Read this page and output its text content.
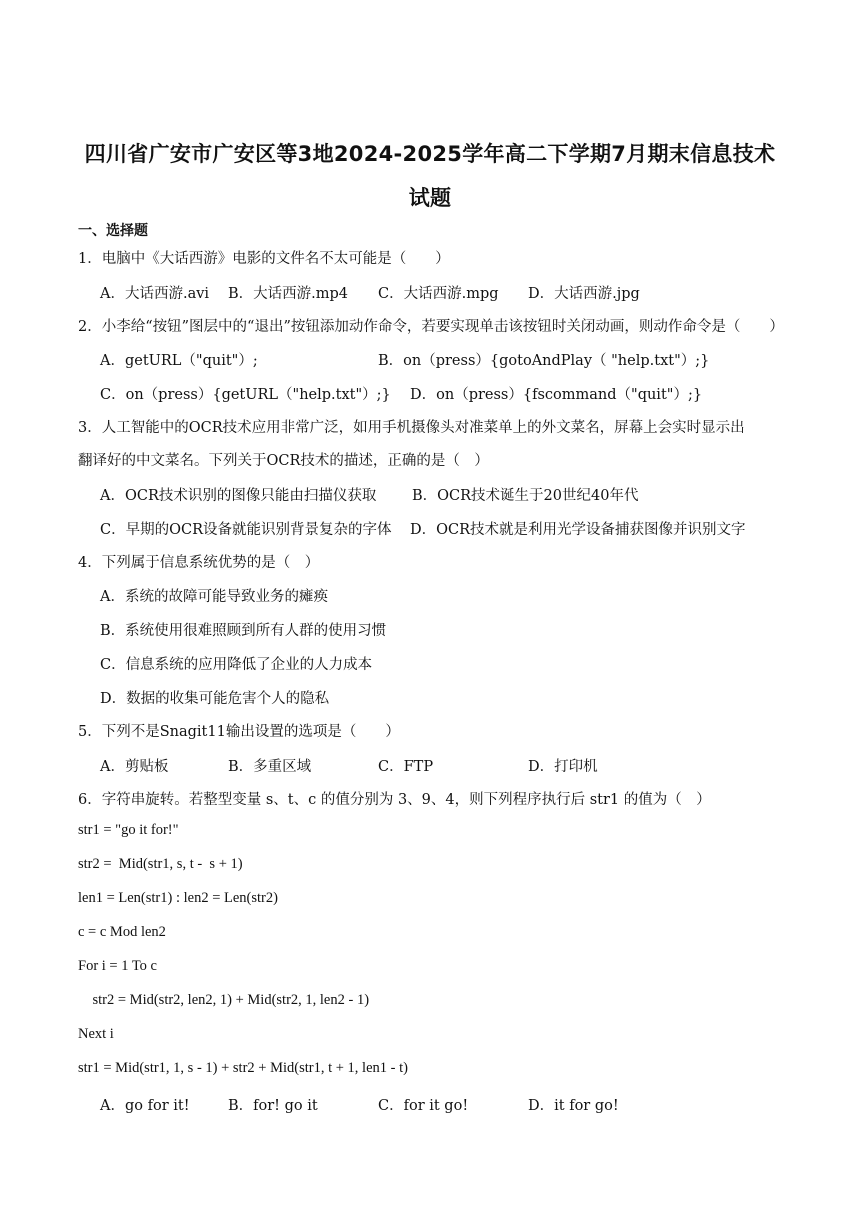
四川省广安市广安区等3地2024-2025学年高二下学期7月期末信息技术
试题
一、选择题
1．电脑中《大话西游》电影的文件名不太可能是（　　）
A．大话西游.avi B．大话西游.mp4 C．大话西游.mpg D．大话西游.jpg
2．小李给“按钮”图层中的“退出”按钮添加动作命令，若要实现单击该按钮时关闭动画，则动作命令是（　　）
A．getURL（"quit"）;	B．on（press）{gotoAndPlay（ "help.txt"）;}
C．on（press）{getURL（"help.txt"）;} D．on（press）{fscommand（"quit"）;}
3．人工智能中的OCR技术应用非常广泛，如用手机摄像头对准菜单上的外文菜名，屏幕上会实时显示出
翻译好的中文菜名。下列关于OCR技术的描述，正确的是（　）
A．OCR技术识别的图像只能由扫描仪获取 B．OCR技术诞生于20世纪40年代
C．早期的OCR设备就能识别背景复杂的字体 D．OCR技术就是利用光学设备捕获图像并识别文字
4．下列属于信息系统优势的是（　）
A．系统的故障可能导致业务的瘫痪
B．系统使用很难照顾到所有人群的使用习惯
C．信息系统的应用降低了企业的人力成本
D．数据的收集可能危害个人的隐私
5．下列不是Snagit11输出设置的选项是（　　）
A．剪贴板	B．多重区域	C．FTP	D．打印机
6．字符串旋转。若整型变量 s、t、c 的值分别为 3、9、4，则下列程序执行后 str1 的值为（　）
str1 = "go it for!"
str2 =  Mid(str1, s, t -  s + 1)
len1 = Len(str1) : len2 = Len(str2)
c = c Mod len2
For i = 1 To c
str2 = Mid(str2, len2, 1) + Mid(str2, 1, len2 - 1)
Next i
str1 = Mid(str1, 1, s - 1) + str2 + Mid(str1, t + 1, len1 - t)
A．go for it!	B．for! go it	C．for it go!	D．it for go!
